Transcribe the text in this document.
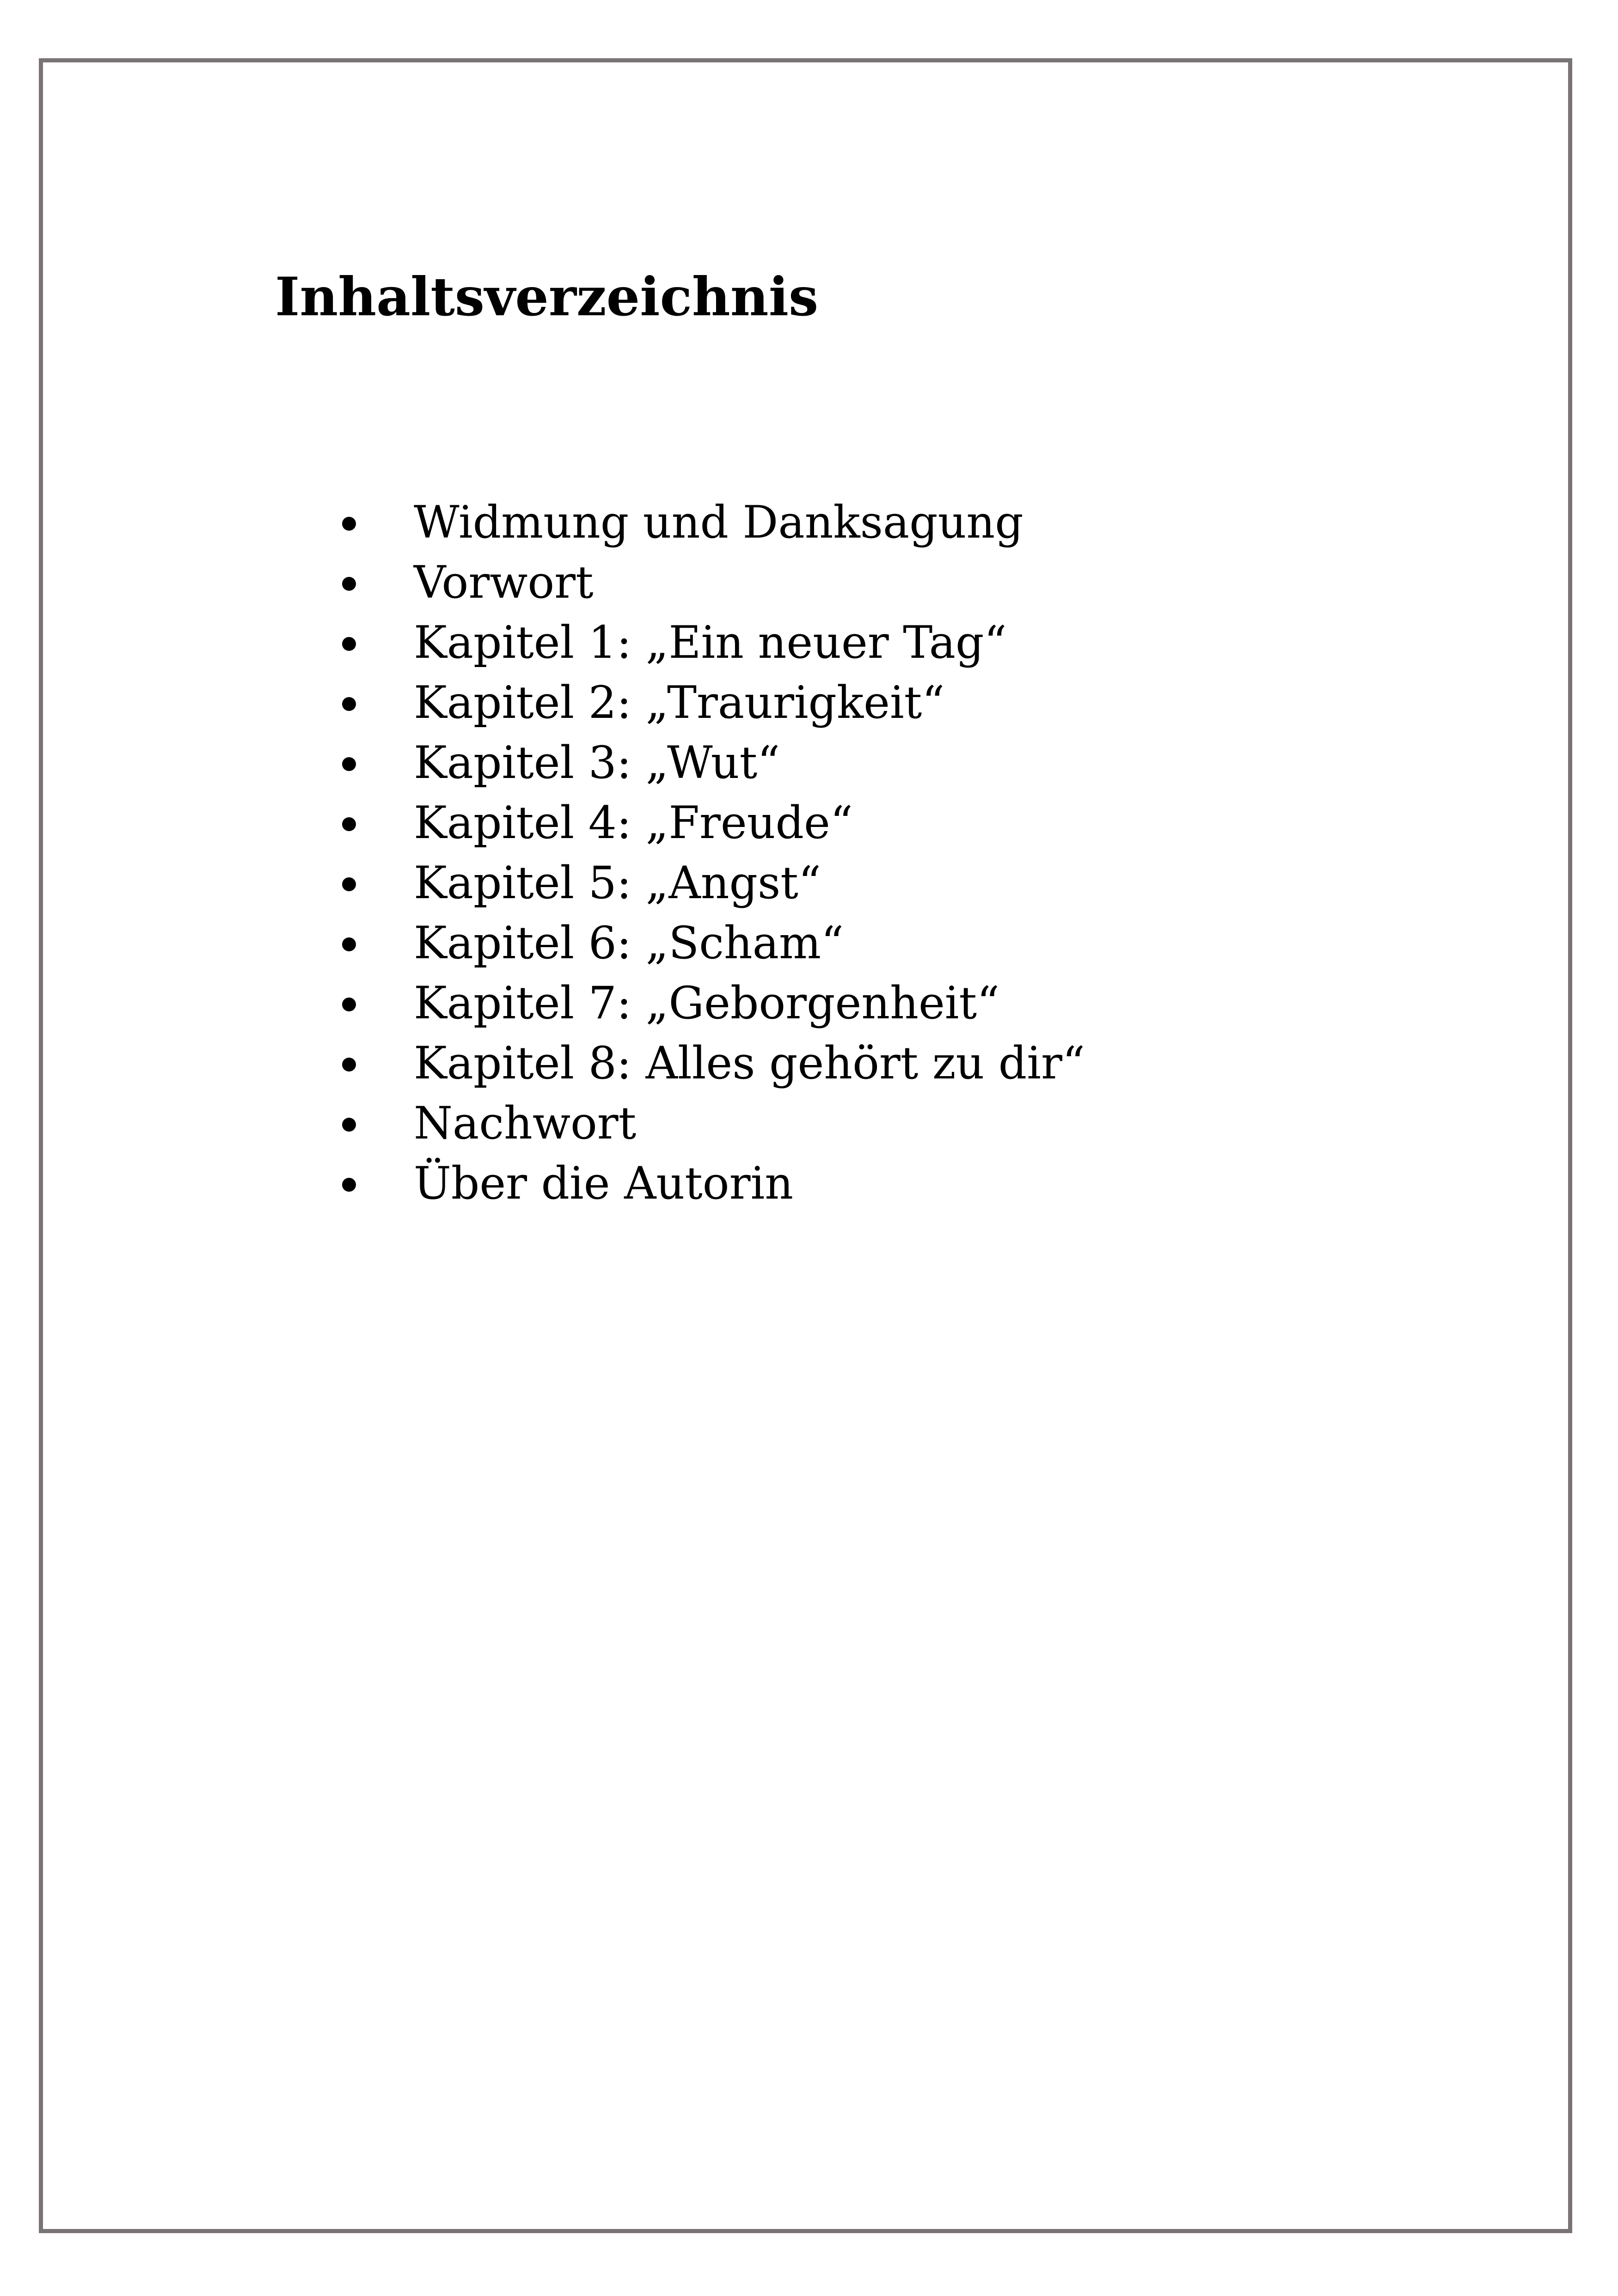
Inhaltsverzeichnis
Widmung und Danksagung
Vorwort
Kapitel 1: „Ein neuer Tag“
Kapitel 2: „Traurigkeit“
Kapitel 3: „Wut“
Kapitel 4: „Freude“
Kapitel 5: „Angst“
Kapitel 6: „Scham“
Kapitel 7: „Geborgenheit“
Kapitel 8: Alles gehört zu dir“
Nachwort
Über die Autorin
